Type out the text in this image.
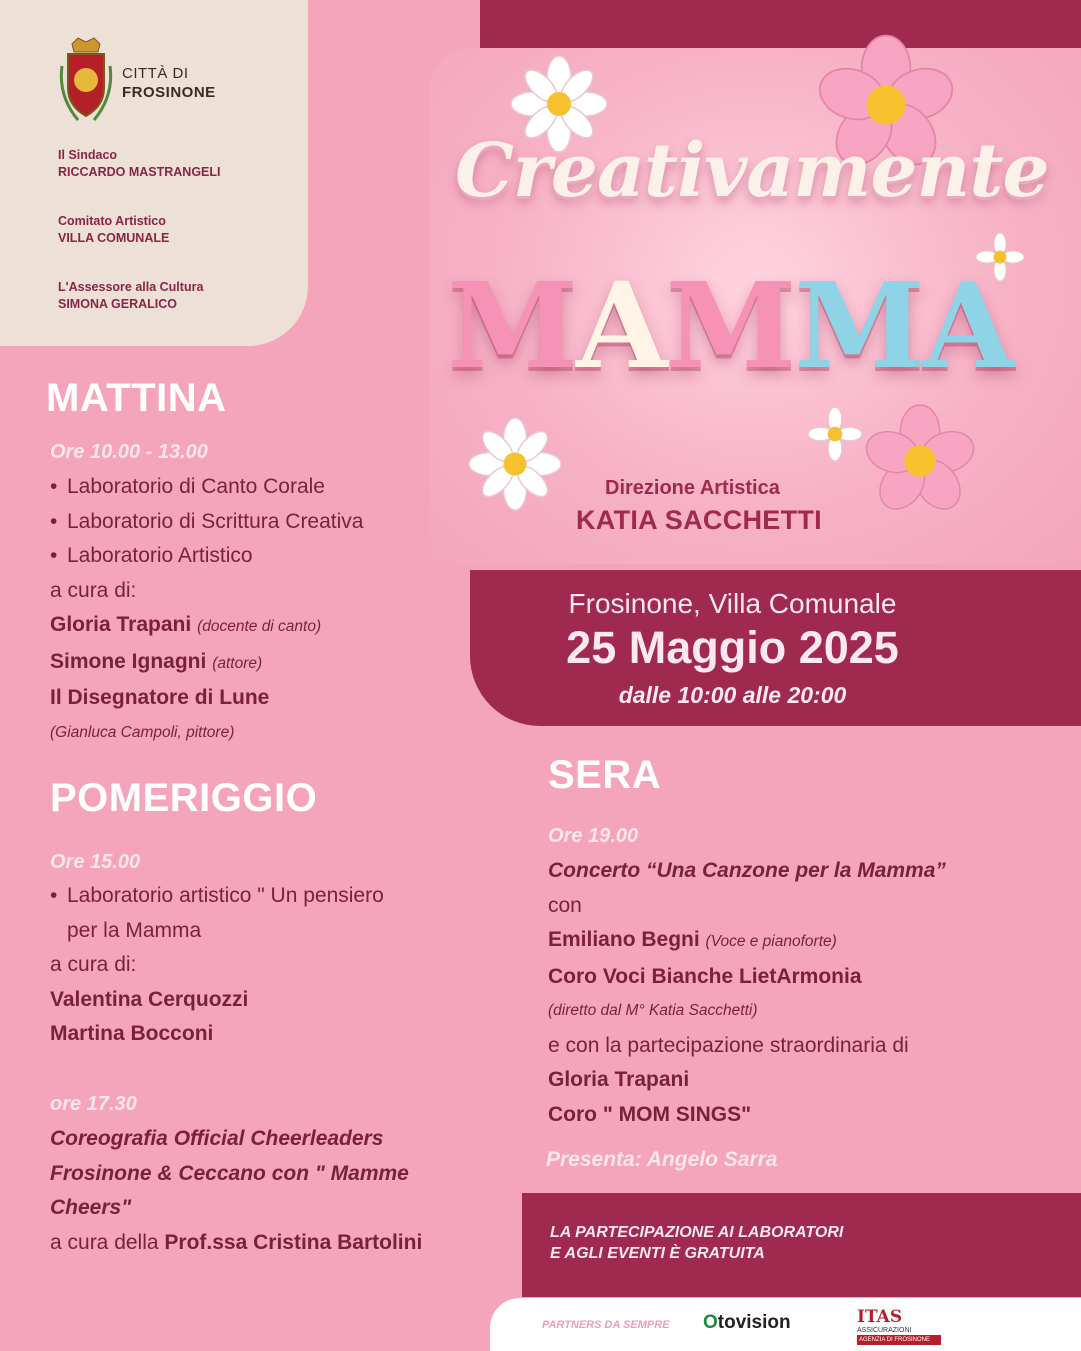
CITTÀ DI
FROSINONE
Il Sindaco
RICCARDO MASTRANGELI
Comitato Artistico
VILLA COMUNALE
L'Assessore alla Cultura
SIMONA GERALICO
Creativamente
MAMMA
Direzione Artistica
KATIA SACCHETTI
Frosinone, Villa Comunale
25 Maggio 2025
dalle 10:00 alle 20:00
MATTINA
Ore 10.00 - 13.00
• Laboratorio di Canto Corale
• Laboratorio di Scrittura Creativa
• Laboratorio Artistico
a cura di:
Gloria Trapani (docente di canto)
Simone Ignagni (attore)
Il Disegnatore di Lune
(Gianluca Campoli, pittore)
POMERIGGIO
Ore 15.00
• Laboratorio artistico " Un pensiero
per la Mamma
a cura di:
Valentina Cerquozzi
Martina Bocconi
ore 17.30
Coreografia Official Cheerleaders
Frosinone & Ceccano con " Mamme
Cheers"
a cura della Prof.ssa Cristina Bartolini
SERA
Ore 19.00
Concerto “Una Canzone per la Mamma”
con
Emiliano Begni (Voce e pianoforte)
Coro Voci Bianche LietArmonia
(diretto dal M° Katia Sacchetti)
e con la partecipazione straordinaria di
Gloria Trapani
Coro " MOM SINGS"
Presenta: Angelo Sarra
LA PARTECIPAZIONE AI LABORATORI
E AGLI EVENTI È GRATUITA
PARTNERS DA SEMPRE Otovision	ITAS
ASSICURAZIONI
AGENZIA DI FROSINONE
